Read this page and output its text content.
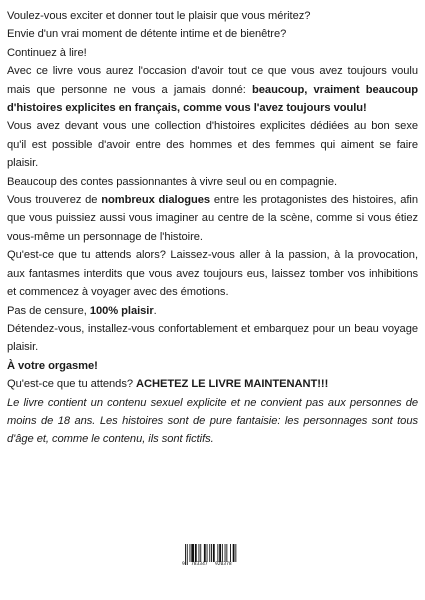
Voulez-vous exciter et donner tout le plaisir que vous méritez?

Envie d'un vrai moment de détente intime et de bienêtre?

Continuez à lire!

Avec ce livre vous aurez l'occasion d'avoir tout ce que vous avez toujours voulu mais que personne ne vous a jamais donné: beaucoup, vraiment beaucoup d'histoires explicites en français, comme vous l'avez toujours voulu!

Vous avez devant vous une collection d'histoires explicites dédiées au bon sexe qu'il est possible d'avoir entre des hommes et des femmes qui aiment se faire plaisir.

Beaucoup des contes passionnantes à vivre seul ou en compagnie.

Vous trouverez de nombreux dialogues entre les protagonistes des histoires, afin que vous puissiez aussi vous imaginer au centre de la scène, comme si vous étiez vous-même un personnage de l'histoire.

Qu'est-ce que tu attends alors? Laissez-vous aller à la passion, à la provocation, aux fantasmes interdits que vous avez toujours eus, laissez tomber vos inhibitions et commencez à voyager avec des émotions.

Pas de censure, 100% plaisir.

Détendez-vous, installez-vous confortablement et embarquez pour un beau voyage plaisir.

À votre orgasme!

Qu'est-ce que tu attends? ACHETEZ LE LIVRE MAINTENANT!!!

Le livre contient un contenu sexuel explicite et ne convient pas aux personnes de moins de 18 ans. Les histoires sont de pure fantaisie: les personnages sont tous d'âge et, comme le contenu, ils sont fictifs.

9 783347 920378
